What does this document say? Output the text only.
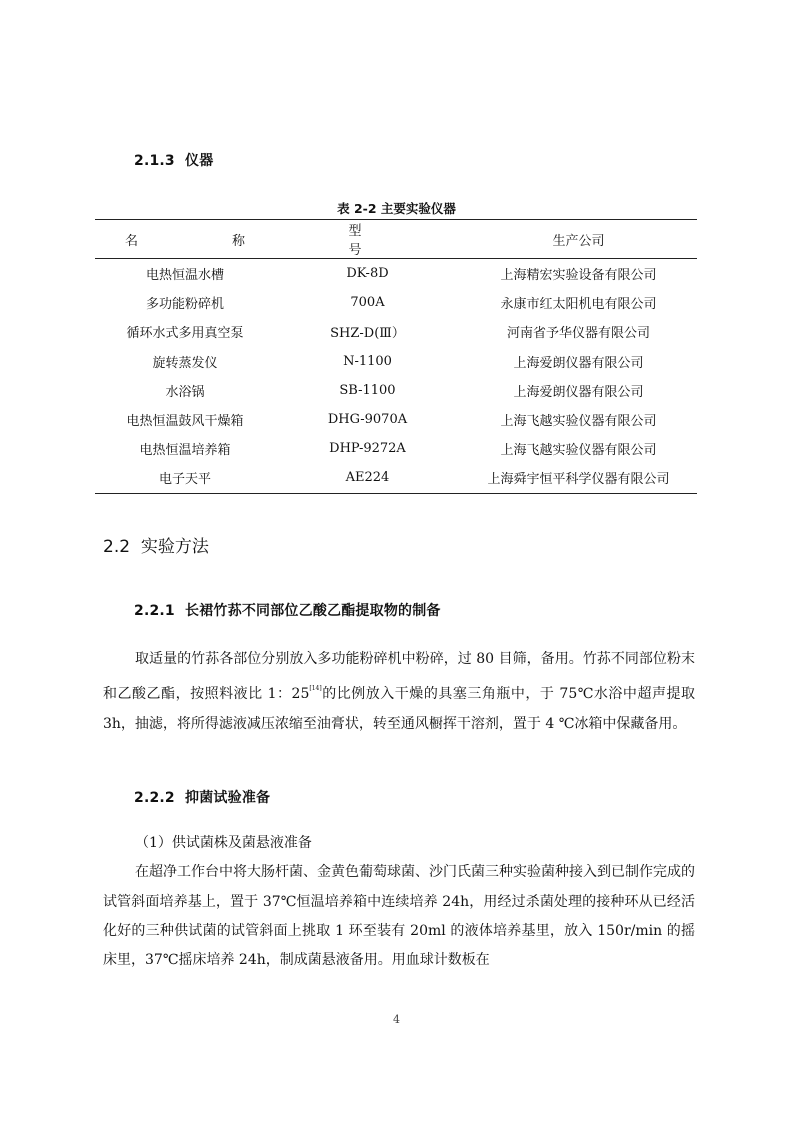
2.1.3 仪器
表 2-2 主要实验仪器
名　　　称	型　号	生产公司
电热恒温水槽	DK-8D	上海精宏实验设备有限公司
多功能粉碎机	700A	永康市红太阳机电有限公司
循环水式多用真空泵	SHZ-D(Ⅲ）	河南省予华仪器有限公司
旋转蒸发仪	N-1100	上海爱朗仪器有限公司
水浴锅	SB-1100	上海爱朗仪器有限公司
电热恒温鼓风干燥箱	DHG-9070A	上海飞越实验仪器有限公司
电热恒温培养箱	DHP-9272A	上海飞越实验仪器有限公司
电子天平	AE224	上海舜宇恒平科学仪器有限公司
2.2 实验方法
2.2.1 长裙竹荪不同部位乙酸乙酯提取物的制备

取适量的竹荪各部位分别放入多功能粉碎机中粉碎，过 80 目筛，备用。竹荪不同部位粉末和乙酸乙酯，按照料液比 1：25[14]的比例放入干燥的具塞三角瓶中，于 75℃水浴中超声提取 3h，抽滤，将所得滤液减压浓缩至油膏状，转至通风橱挥干溶剂，置于 4 ℃冰箱中保藏备用。

2.2.2 抑菌试验准备

（1）供试菌株及菌悬液准备

在超净工作台中将大肠杆菌、金黄色葡萄球菌、沙门氏菌三种实验菌种接入到已制作完成的试管斜面培养基上，置于 37℃恒温培养箱中连续培养 24h，用经过杀菌处理的接种环从已经活化好的三种供试菌的试管斜面上挑取 1 环至装有 20ml 的液体培养基里，放入 150r/min 的摇床里，37℃摇床培养 24h，制成菌悬液备用。用血球计数板在

4
